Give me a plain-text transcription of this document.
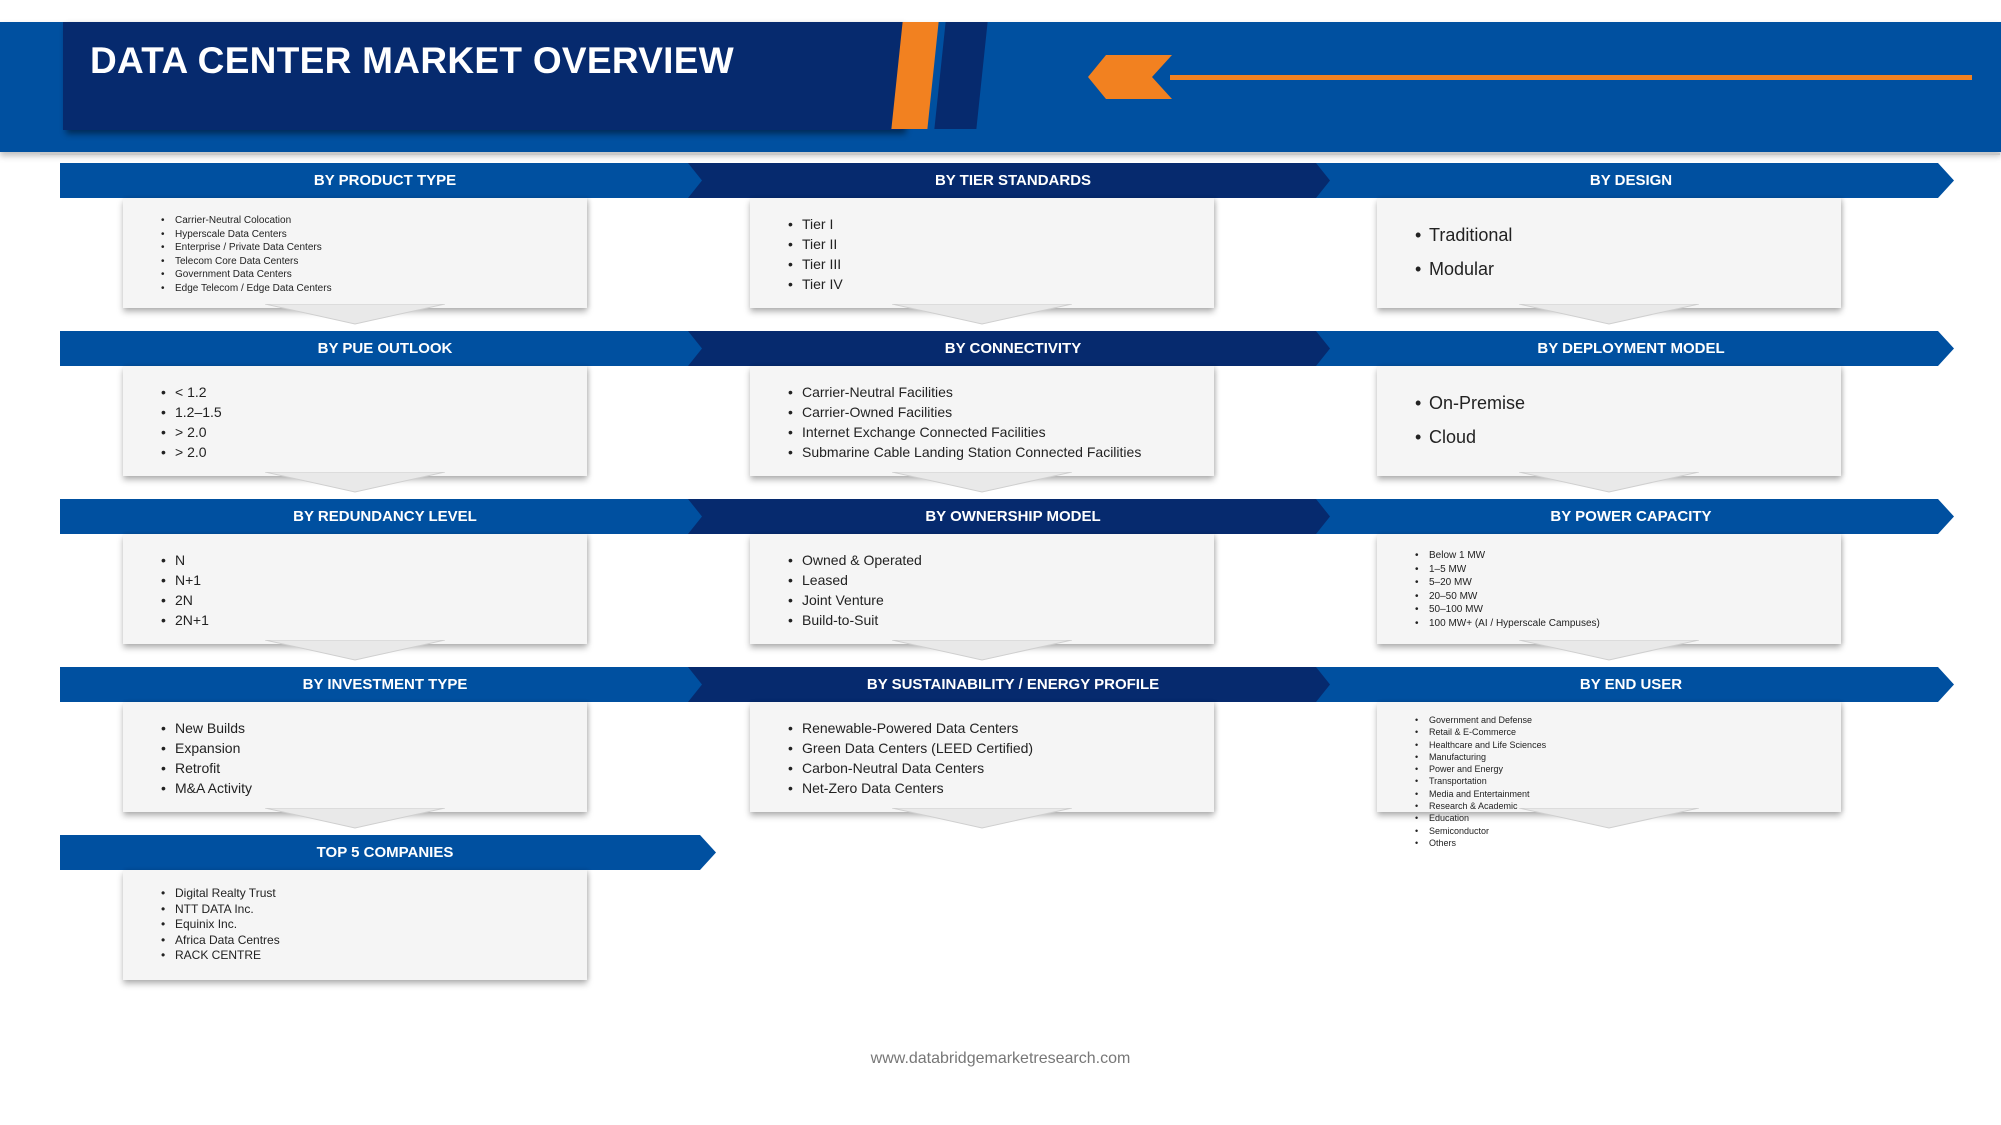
DATA CENTER MARKET OVERVIEW
BY PRODUCT TYPE
• Carrier-Neutral Colocation
• Hyperscale Data Centers
• Enterprise / Private Data Centers
• Telecom Core Data Centers
• Government Data Centers
• Edge Telecom / Edge Data Centers
BY TIER STANDARDS
• Tier I
• Tier II
• Tier III
• Tier IV
BY DESIGN
• Traditional
• Modular
BY PUE OUTLOOK
• < 1.2
• 1.2–1.5
• > 2.0
• > 2.0
BY CONNECTIVITY
• Carrier-Neutral Facilities
• Carrier-Owned Facilities
• Internet Exchange Connected Facilities
• Submarine Cable Landing Station Connected Facilities
BY DEPLOYMENT MODEL
• On-Premise
• Cloud
BY REDUNDANCY LEVEL
• N
• N+1
• 2N
• 2N+1
BY OWNERSHIP MODEL
• Owned & Operated
• Leased
• Joint Venture
• Build-to-Suit
BY POWER CAPACITY
• Below 1 MW
• 1–5 MW
• 5–20 MW
• 20–50 MW
• 50–100 MW
• 100 MW+ (AI / Hyperscale Campuses)
BY INVESTMENT TYPE
• New Builds
• Expansion
• Retrofit
• M&A Activity
BY SUSTAINABILITY / ENERGY PROFILE
• Renewable-Powered Data Centers
• Green Data Centers (LEED Certified)
• Carbon-Neutral Data Centers
• Net-Zero Data Centers
BY END USER
• Government and Defense
• Retail & E-Commerce
• Healthcare and Life Sciences
• Manufacturing
• Power and Energy
• Transportation
• Media and Entertainment
• Research & Academic
• Education
• Semiconductor
• Others
TOP 5 COMPANIES
• Digital Realty Trust
• NTT DATA Inc.
• Equinix Inc.
• Africa Data Centres
• RACK CENTRE
www.databridgemarketresearch.com
